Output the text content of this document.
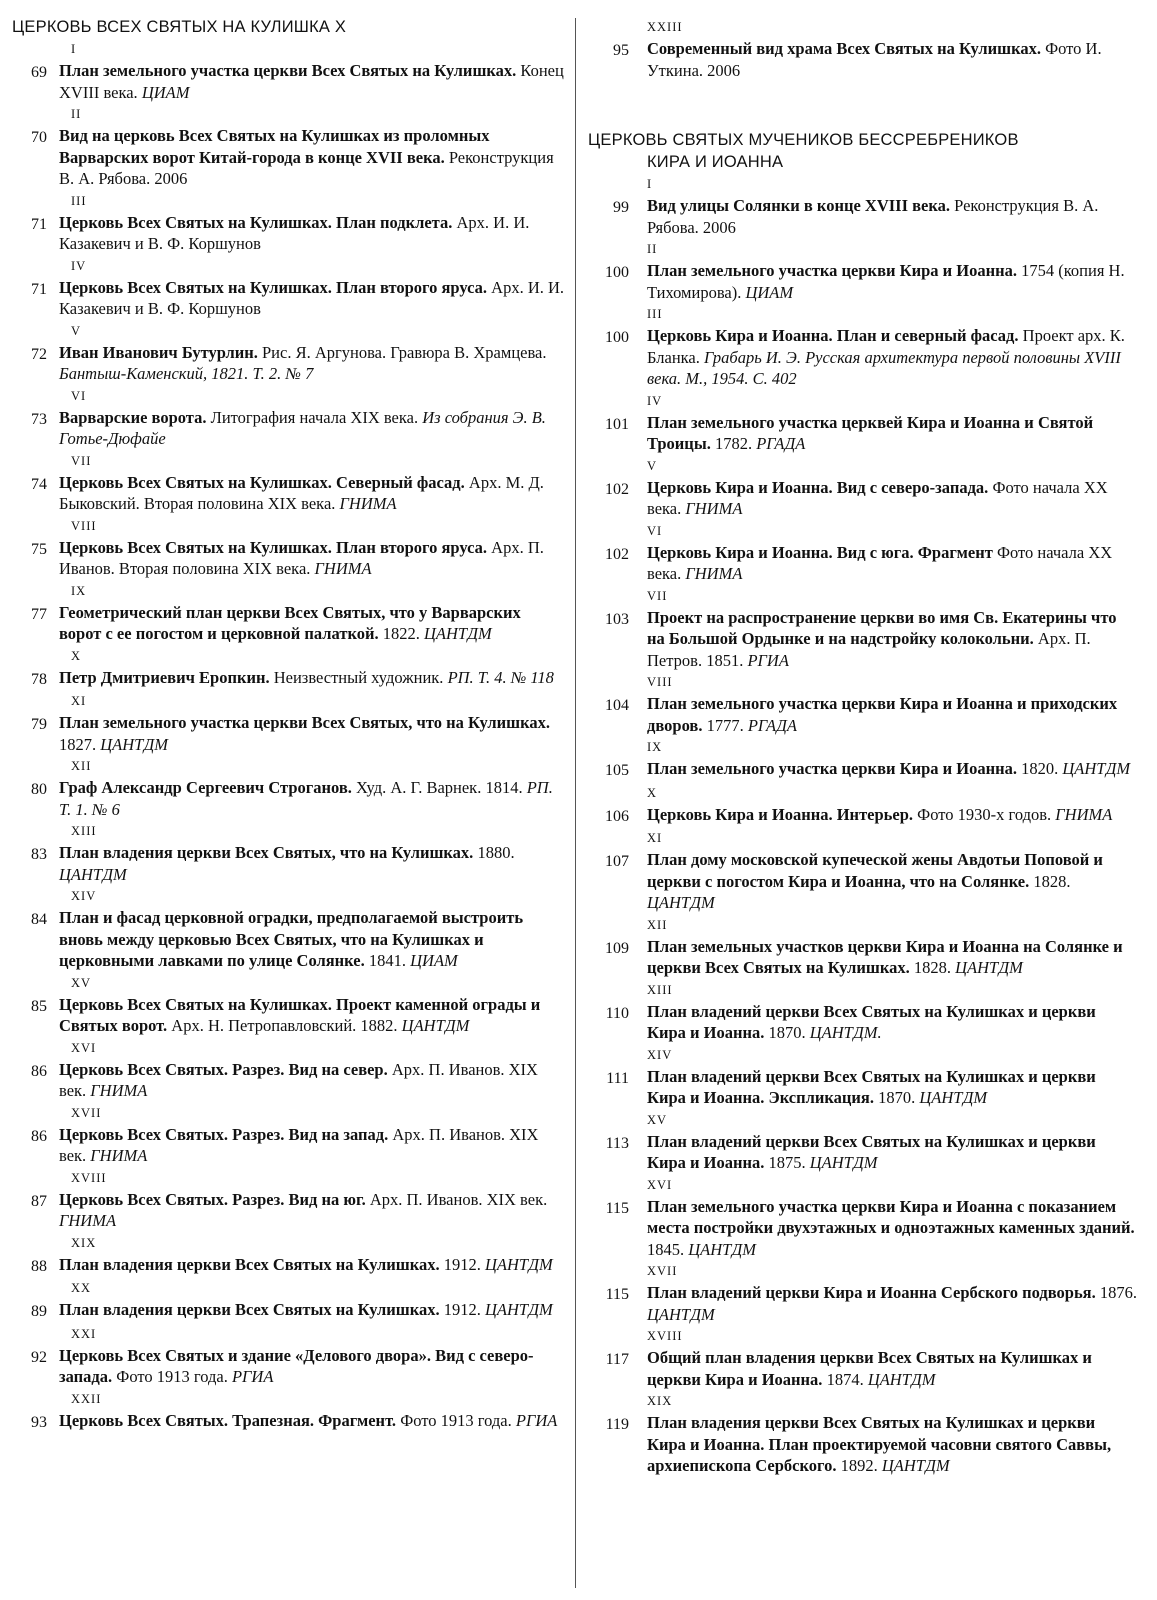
ЦЕРКОВЬ ВСЕХ СВЯТЫХ НА КУЛИШКА Х
I
69 План земельного участка церкви Всех Святых на Кулишках. Конец XVIII века. ЦИАМ
II
70 Вид на церковь Всех Святых на Кулишках из проломных Варварских ворот Китай-города в конце XVII века. Реконструкция В. А. Рябова. 2006
III
71 Церковь Всех Святых на Кулишках. План подклета. Арх. И. И. Казакевич и В. Ф. Коршунов
IV
71 Церковь Всех Святых на Кулишках. План второго яруса. Арх. И. И. Казакевич и В. Ф. Коршунов
V
72 Иван Иванович Бутурлин. Рис. Я. Аргунова. Гравюра В. Храмцева. Бантыш-Каменский, 1821. Т. 2. № 7
VI
73 Варварские ворота. Литография начала XIX века. Из собрания Э. В. Готье-Дюфайе
VII
74 Церковь Всех Святых на Кулишках. Северный фасад. Арх. М. Д. Быковский. Вторая половина XIX века. ГНИМА
VIII
75 Церковь Всех Святых на Кулишках. План второго яруса. Арх. П. Иванов. Вторая половина XIX века. ГНИМА
IX
77 Геометрический план церкви Всех Святых, что у Варварских ворот с ее погостом и церковной палаткой. 1822. ЦАНТДМ
X
78 Петр Дмитриевич Еропкин. Неизвестный художник. РП. Т. 4. № 118
XI
79 План земельного участка церкви Всех Святых, что на Кулишках. 1827. ЦАНТДМ
XII
80 Граф Александр Сергеевич Строганов. Худ. А. Г. Варнек. 1814. РП. Т. 1. № 6
XIII
83 План владения церкви Всех Святых, что на Кулишках. 1880. ЦАНТДМ
XIV
84 План и фасад церковной оградки, предполагаемой выстроить вновь между церковью Всех Святых, что на Кулишках и церковными лавками по улице Солянке. 1841. ЦИАМ
XV
85 Церковь Всех Святых на Кулишках. Проект каменной ограды и Святых ворот. Арх. Н. Петропавловский. 1882. ЦАНТДМ
XVI
86 Церковь Всех Святых. Разрез. Вид на север. Арх. П. Иванов. XIX век. ГНИМА
XVII
86 Церковь Всех Святых. Разрез. Вид на запад. Арх. П. Иванов. XIX век. ГНИМА
XVIII
87 Церковь Всех Святых. Разрез. Вид на юг. Арх. П. Иванов. XIX век. ГНИМА
XIX
88 План владения церкви Всех Святых на Кулишках. 1912. ЦАНТДМ
XX
89 План владения церкви Всех Святых на Кулишках. 1912. ЦАНТДМ
XXI
92 Церковь Всех Святых и здание «Делового двора». Вид с северо-запада. Фото 1913 года. РГИА
XXII
93 Церковь Всех Святых. Трапезная. Фрагмент. Фото 1913 года. РГИА
XXIII
95	Современный вид храма Всех Святых на Кулишках. Фото И. Уткина. 2006
ЦЕРКОВЬ СВЯТЫХ МУЧЕНИКОВ БЕССРЕБРЕНИКОВ
КИРА И ИОАННА
I
99	Вид улицы Солянки в конце XVIII века. Реконструкция В. А. Рябова. 2006
II
100	План земельного участка церкви Кира и Иоанна. 1754 (копия Н. Тихомирова). ЦИАМ
III
100	Церковь Кира и Иоанна. План и северный фасад. Проект арх. К. Бланка. Грабарь И. Э. Русская архитектура первой половины XVIII века. М., 1954. С. 402
IV
101	План земельного участка церквей Кира и Иоанна и Святой Троицы. 1782. РГАДА
V
102	Церковь Кира и Иоанна. Вид с северо-запада. Фото начала XX века. ГНИМА
VI
102	Церковь Кира и Иоанна. Вид с юга. Фрагмент Фото начала XX века. ГНИМА
VII
103	Проект на распространение церкви во имя Св. Екатерины что на Большой Ордынке и на надстройку колокольни. Арх. П. Петров. 1851. РГИА
VIII
104	План земельного участка церкви Кира и Иоанна и приходских дворов. 1777. РГАДА
IX
105	План земельного участка церкви Кира и Иоанна. 1820. ЦАНТДМ
X
106	Церковь Кира и Иоанна. Интерьер. Фото 1930-х годов. ГНИМА
XI
107	План дому московской купеческой жены Авдотьи Поповой и церкви с погостом Кира и Иоанна, что на Солянке. 1828. ЦАНТДМ
XII
109	План земельных участков церкви Кира и Иоанна на Солянке и церкви Всех Святых на Кулишках. 1828. ЦАНТДМ
XIII
110	План владений церкви Всех Святых на Кулишках и церкви Кира и Иоанна. 1870. ЦАНТДМ.
XIV
111	План владений церкви Всех Святых на Кулишках и церкви Кира и Иоанна. Экспликация. 1870. ЦАНТДМ
XV
113	План владений церкви Всех Святых на Кулишках и церкви Кира и Иоанна. 1875. ЦАНТДМ
XVI
115	План земельного участка церкви Кира и Иоанна с показанием места постройки двухэтажных и одноэтажных каменных зданий. 1845. ЦАНТДМ
XVII
115	План владений церкви Кира и Иоанна Сербского подворья. 1876. ЦАНТДМ
XVIII
117	Общий план владения церкви Всех Святых на Кулишках и церкви Кира и Иоанна. 1874. ЦАНТДМ
XIX
119	План владения церкви Всех Святых на Кулишках и церкви Кира и Иоанна. План проектируемой часовни святого Саввы, архиепископа Сербского. 1892. ЦАНТДМ
